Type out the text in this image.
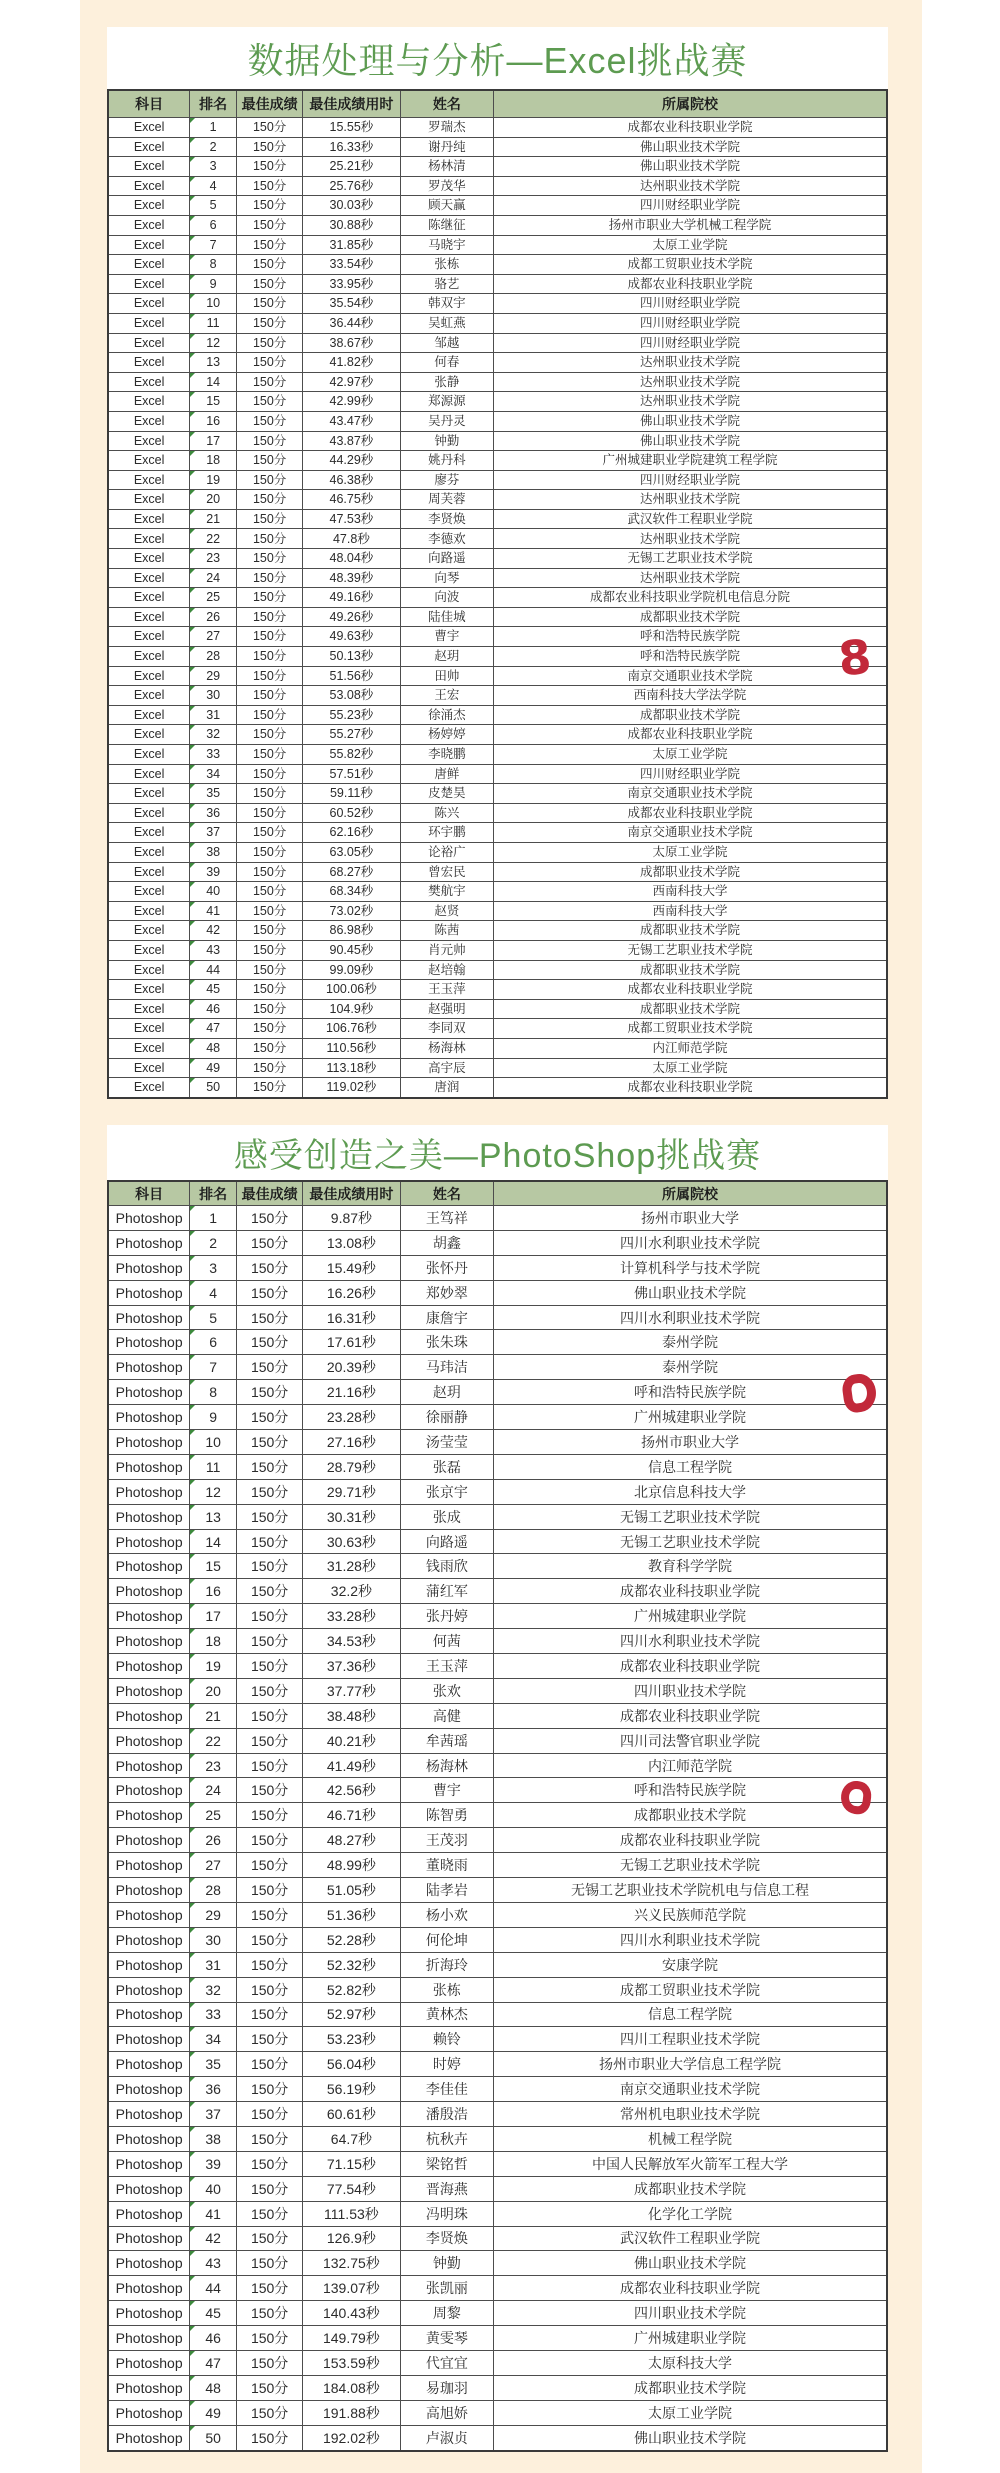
数据处理与分析—Excel挑战赛
科目	排名	最佳成绩	最佳成绩用时	姓名	所属院校
Excel	1	150分	15.55秒	罗瑞杰	成都农业科技职业学院
Excel	2	150分	16.33秒	谢丹纯	佛山职业技术学院
Excel	3	150分	25.21秒	杨林清	佛山职业技术学院
Excel	4	150分	25.76秒	罗茂华	达州职业技术学院
Excel	5	150分	30.03秒	顾天赢	四川财经职业学院
Excel	6	150分	30.88秒	陈继征	扬州市职业大学机械工程学院
Excel	7	150分	31.85秒	马晓宇	太原工业学院
Excel	8	150分	33.54秒	张栋	成都工贸职业技术学院
Excel	9	150分	33.95秒	骆艺	成都农业科技职业学院
Excel	10	150分	35.54秒	韩双宇	四川财经职业学院
Excel	11	150分	36.44秒	吴虹燕	四川财经职业学院
Excel	12	150分	38.67秒	邹越	四川财经职业学院
Excel	13	150分	41.82秒	何春	达州职业技术学院
Excel	14	150分	42.97秒	张静	达州职业技术学院
Excel	15	150分	42.99秒	郑源源	达州职业技术学院
Excel	16	150分	43.47秒	吴丹灵	佛山职业技术学院
Excel	17	150分	43.87秒	钟勤	佛山职业技术学院
Excel	18	150分	44.29秒	姚丹科	广州城建职业学院建筑工程学院
Excel	19	150分	46.38秒	廖芬	四川财经职业学院
Excel	20	150分	46.75秒	周芙蓉	达州职业技术学院
Excel	21	150分	47.53秒	李贤焕	武汉软件工程职业学院
Excel	22	150分	47.8秒	李德欢	达州职业技术学院
Excel	23	150分	48.04秒	向路遥	无锡工艺职业技术学院
Excel	24	150分	48.39秒	向琴	达州职业技术学院
Excel	25	150分	49.16秒	向波	成都农业科技职业学院机电信息分院
Excel	26	150分	49.26秒	陆佳城	成都职业技术学院
Excel	27	150分	49.63秒	曹宇	呼和浩特民族学院
Excel	28	150分	50.13秒	赵玥	呼和浩特民族学院
Excel	29	150分	51.56秒	田帅	南京交通职业技术学院
Excel	30	150分	53.08秒	王宏	西南科技大学法学院
Excel	31	150分	55.23秒	徐涌杰	成都职业技术学院
Excel	32	150分	55.27秒	杨婷婷	成都农业科技职业学院
Excel	33	150分	55.82秒	李晓鹏	太原工业学院
Excel	34	150分	57.51秒	唐鲜	四川财经职业学院
Excel	35	150分	59.11秒	皮楚昊	南京交通职业技术学院
Excel	36	150分	60.52秒	陈兴	成都农业科技职业学院
Excel	37	150分	62.16秒	环宇鹏	南京交通职业技术学院
Excel	38	150分	63.05秒	论裕广	太原工业学院
Excel	39	150分	68.27秒	曾宏民	成都职业技术学院
Excel	40	150分	68.34秒	樊航宇	西南科技大学
Excel	41	150分	73.02秒	赵贤	西南科技大学
Excel	42	150分	86.98秒	陈茜	成都职业技术学院
Excel	43	150分	90.45秒	肖元帅	无锡工艺职业技术学院
Excel	44	150分	99.09秒	赵培翰	成都职业技术学院
Excel	45	150分	100.06秒	王玉萍	成都农业科技职业学院
Excel	46	150分	104.9秒	赵强明	成都职业技术学院
Excel	47	150分	106.76秒	李同双	成都工贸职业技术学院
Excel	48	150分	110.56秒	杨海林	内江师范学院
Excel	49	150分	113.18秒	高宇辰	太原工业学院
Excel	50	150分	119.02秒	唐润	成都农业科技职业学院
感受创造之美—PhotoShop挑战赛
科目	排名	最佳成绩	最佳成绩用时	姓名	所属院校
Photoshop	1	150分	9.87秒	王笃祥	扬州市职业大学
Photoshop	2	150分	13.08秒	胡鑫	四川水利职业技术学院
Photoshop	3	150分	15.49秒	张怀丹	计算机科学与技术学院
Photoshop	4	150分	16.26秒	郑妙翠	佛山职业技术学院
Photoshop	5	150分	16.31秒	康詹宇	四川水利职业技术学院
Photoshop	6	150分	17.61秒	张朱珠	泰州学院
Photoshop	7	150分	20.39秒	马玮洁	泰州学院
Photoshop	8	150分	21.16秒	赵玥	呼和浩特民族学院
Photoshop	9	150分	23.28秒	徐丽静	广州城建职业学院
Photoshop	10	150分	27.16秒	汤莹莹	扬州市职业大学
Photoshop	11	150分	28.79秒	张磊	信息工程学院
Photoshop	12	150分	29.71秒	张京宇	北京信息科技大学
Photoshop	13	150分	30.31秒	张成	无锡工艺职业技术学院
Photoshop	14	150分	30.63秒	向路遥	无锡工艺职业技术学院
Photoshop	15	150分	31.28秒	钱雨欣	教育科学学院
Photoshop	16	150分	32.2秒	蒲红军	成都农业科技职业学院
Photoshop	17	150分	33.28秒	张丹婷	广州城建职业学院
Photoshop	18	150分	34.53秒	何茜	四川水利职业技术学院
Photoshop	19	150分	37.36秒	王玉萍	成都农业科技职业学院
Photoshop	20	150分	37.77秒	张欢	四川职业技术学院
Photoshop	21	150分	38.48秒	高健	成都农业科技职业学院
Photoshop	22	150分	40.21秒	牟茜瑶	四川司法警官职业学院
Photoshop	23	150分	41.49秒	杨海林	内江师范学院
Photoshop	24	150分	42.56秒	曹宇	呼和浩特民族学院
Photoshop	25	150分	46.71秒	陈智勇	成都职业技术学院
Photoshop	26	150分	48.27秒	王茂羽	成都农业科技职业学院
Photoshop	27	150分	48.99秒	董晓雨	无锡工艺职业技术学院
Photoshop	28	150分	51.05秒	陆孝岩	无锡工艺职业技术学院机电与信息工程
Photoshop	29	150分	51.36秒	杨小欢	兴义民族师范学院
Photoshop	30	150分	52.28秒	何伦坤	四川水利职业技术学院
Photoshop	31	150分	52.32秒	折海玲	安康学院
Photoshop	32	150分	52.82秒	张栋	成都工贸职业技术学院
Photoshop	33	150分	52.97秒	黄林杰	信息工程学院
Photoshop	34	150分	53.23秒	赖铃	四川工程职业技术学院
Photoshop	35	150分	56.04秒	时婷	扬州市职业大学信息工程学院
Photoshop	36	150分	56.19秒	李佳佳	南京交通职业技术学院
Photoshop	37	150分	60.61秒	潘殷浩	常州机电职业技术学院
Photoshop	38	150分	64.7秒	杭秋卉	机械工程学院
Photoshop	39	150分	71.15秒	梁铭哲	中国人民解放军火箭军工程大学
Photoshop	40	150分	77.54秒	晋海燕	成都职业技术学院
Photoshop	41	150分	111.53秒	冯明珠	化学化工学院
Photoshop	42	150分	126.9秒	李贤焕	武汉软件工程职业学院
Photoshop	43	150分	132.75秒	钟勤	佛山职业技术学院
Photoshop	44	150分	139.07秒	张凯丽	成都农业科技职业学院
Photoshop	45	150分	140.43秒	周黎	四川职业技术学院
Photoshop	46	150分	149.79秒	黄雯琴	广州城建职业学院
Photoshop	47	150分	153.59秒	代宜宜	太原科技大学
Photoshop	48	150分	184.08秒	易珈羽	成都职业技术学院
Photoshop	49	150分	191.88秒	高旭娇	太原工业学院
Photoshop	50	150分	192.02秒	卢淑贞	佛山职业技术学院
8
